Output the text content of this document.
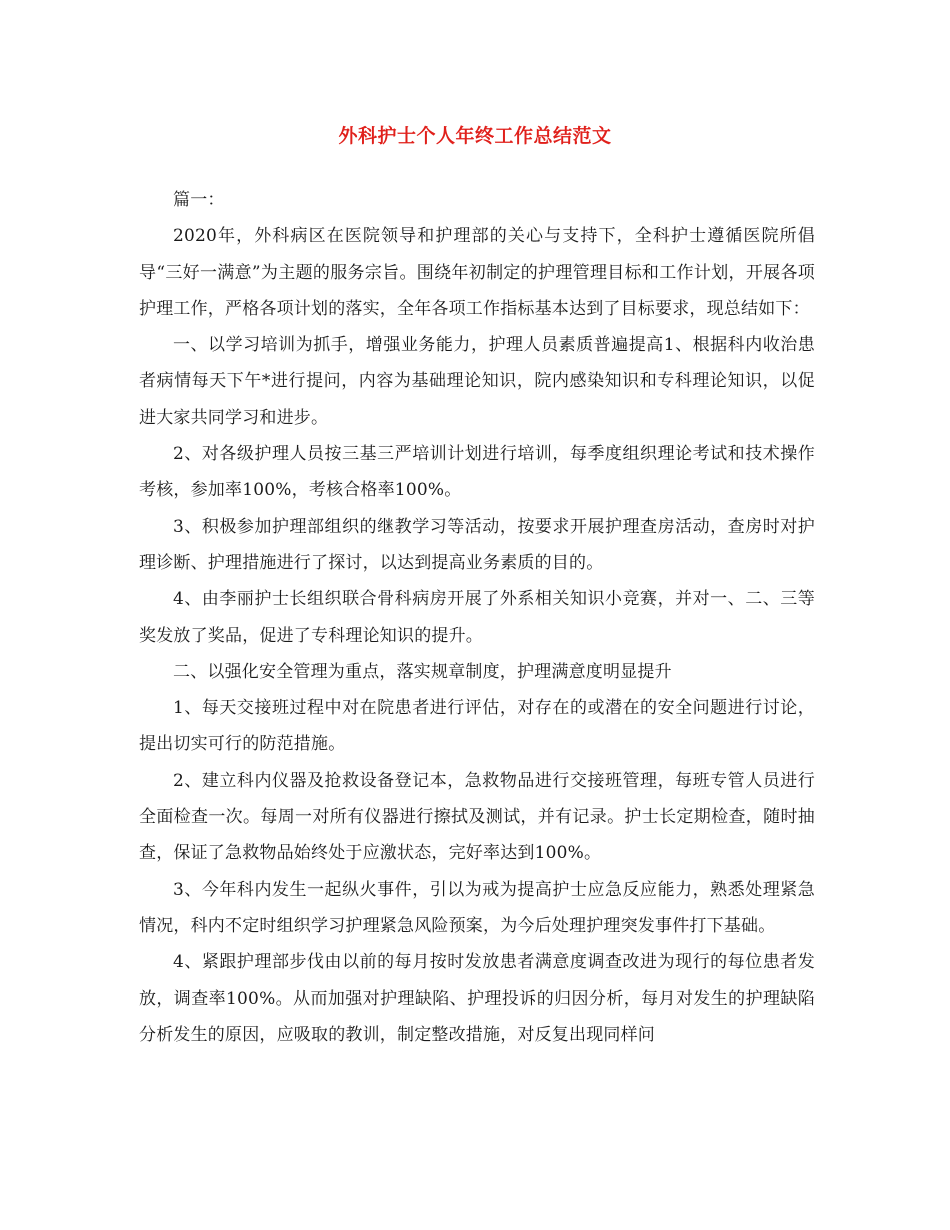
外科护士个人年终工作总结范文

篇一：

2020年，外科病区在医院领导和护理部的关心与支持下，全科护士遵循医院所倡导“三好一满意”为主题的服务宗旨。围绕年初制定的护理管理目标和工作计划，开展各项护理工作，严格各项计划的落实，全年各项工作指标基本达到了目标要求，现总结如下：

一、以学习培训为抓手，增强业务能力，护理人员素质普遍提高1、根据科内收治患者病情每天下午*进行提问，内容为基础理论知识，院内感染知识和专科理论知识，以促进大家共同学习和进步。

2、对各级护理人员按三基三严培训计划进行培训，每季度组织理论考试和技术操作考核，参加率100%，考核合格率100%。

3、积极参加护理部组织的继教学习等活动，按要求开展护理查房活动，查房时对护理诊断、护理措施进行了探讨，以达到提高业务素质的目的。

4、由李丽护士长组织联合骨科病房开展了外系相关知识小竞赛，并对一、二、三等奖发放了奖品，促进了专科理论知识的提升。

二、以强化安全管理为重点，落实规章制度，护理满意度明显提升

1、每天交接班过程中对在院患者进行评估，对存在的或潜在的安全问题进行讨论，提出切实可行的防范措施。

2、建立科内仪器及抢救设备登记本，急救物品进行交接班管理，每班专管人员进行全面检查一次。每周一对所有仪器进行擦拭及测试，并有记录。护士长定期检查，随时抽查，保证了急救物品始终处于应激状态，完好率达到100%。

3、今年科内发生一起纵火事件，引以为戒为提高护士应急反应能力，熟悉处理紧急情况，科内不定时组织学习护理紧急风险预案，为今后处理护理突发事件打下基础。

4、紧跟护理部步伐由以前的每月按时发放患者满意度调查改进为现行的每位患者发放，调查率100%。从而加强对护理缺陷、护理投诉的归因分析，每月对发生的护理缺陷分析发生的原因，应吸取的教训，制定整改措施，对反复出现同样问
